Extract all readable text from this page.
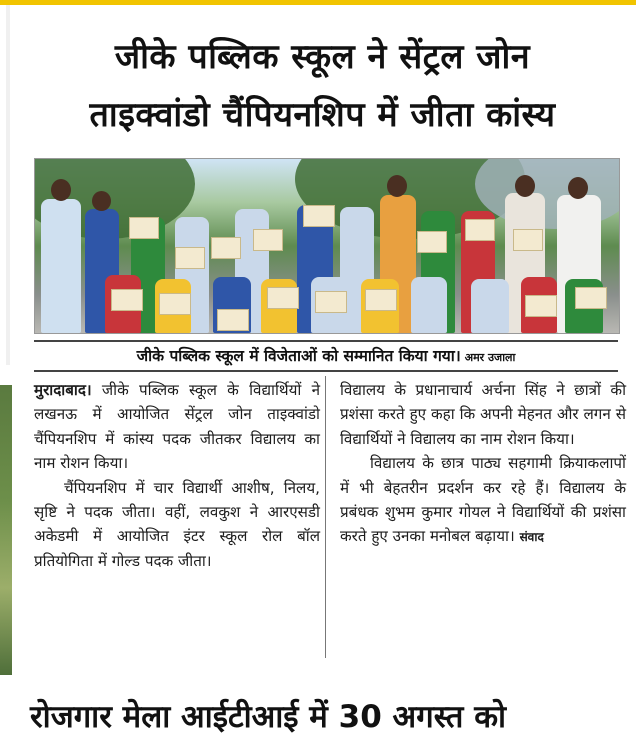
जीके पब्लिक स्कूल ने सेंट्रल जोन
ताइक्वांडो चैंपियनशिप में जीता कांस्य
जीके पब्लिक स्कूल में विजेताओं को सम्मानित किया गया। अमर उजाला

मुरादाबाद। जीके पब्लिक स्कूल के विद्यार्थियों ने लखनऊ में आयोजित सेंट्रल जोन ताइक्वांडो चैंपियनशिप में कांस्य पदक जीतकर विद्यालय का नाम रोशन किया।

चैंपियनशिप में चार विद्यार्थी आशीष, निलय, सृष्टि ने पदक जीता। वहीं, लवकुश ने आरएसडी अकेडमी में आयोजित इंटर स्कूल रोल बॉल प्रतियोगिता में गोल्ड पदक जीता।

विद्यालय के प्रधानाचार्य अर्चना सिंह ने छात्रों की प्रशंसा करते हुए कहा कि अपनी मेहनत और लगन से विद्यार्थियों ने विद्यालय का नाम रोशन किया।

विद्यालय के छात्र पाठ्य सहगामी क्रियाकलापों में भी बेहतरीन प्रदर्शन कर रहे हैं। विद्यालय के प्रबंधक शुभम कुमार गोयल ने विद्यार्थियों की प्रशंसा करते हुए उनका मनोबल बढ़ाया। संवाद

रोजगार मेला आईटीआई में 30 अगस्त को
